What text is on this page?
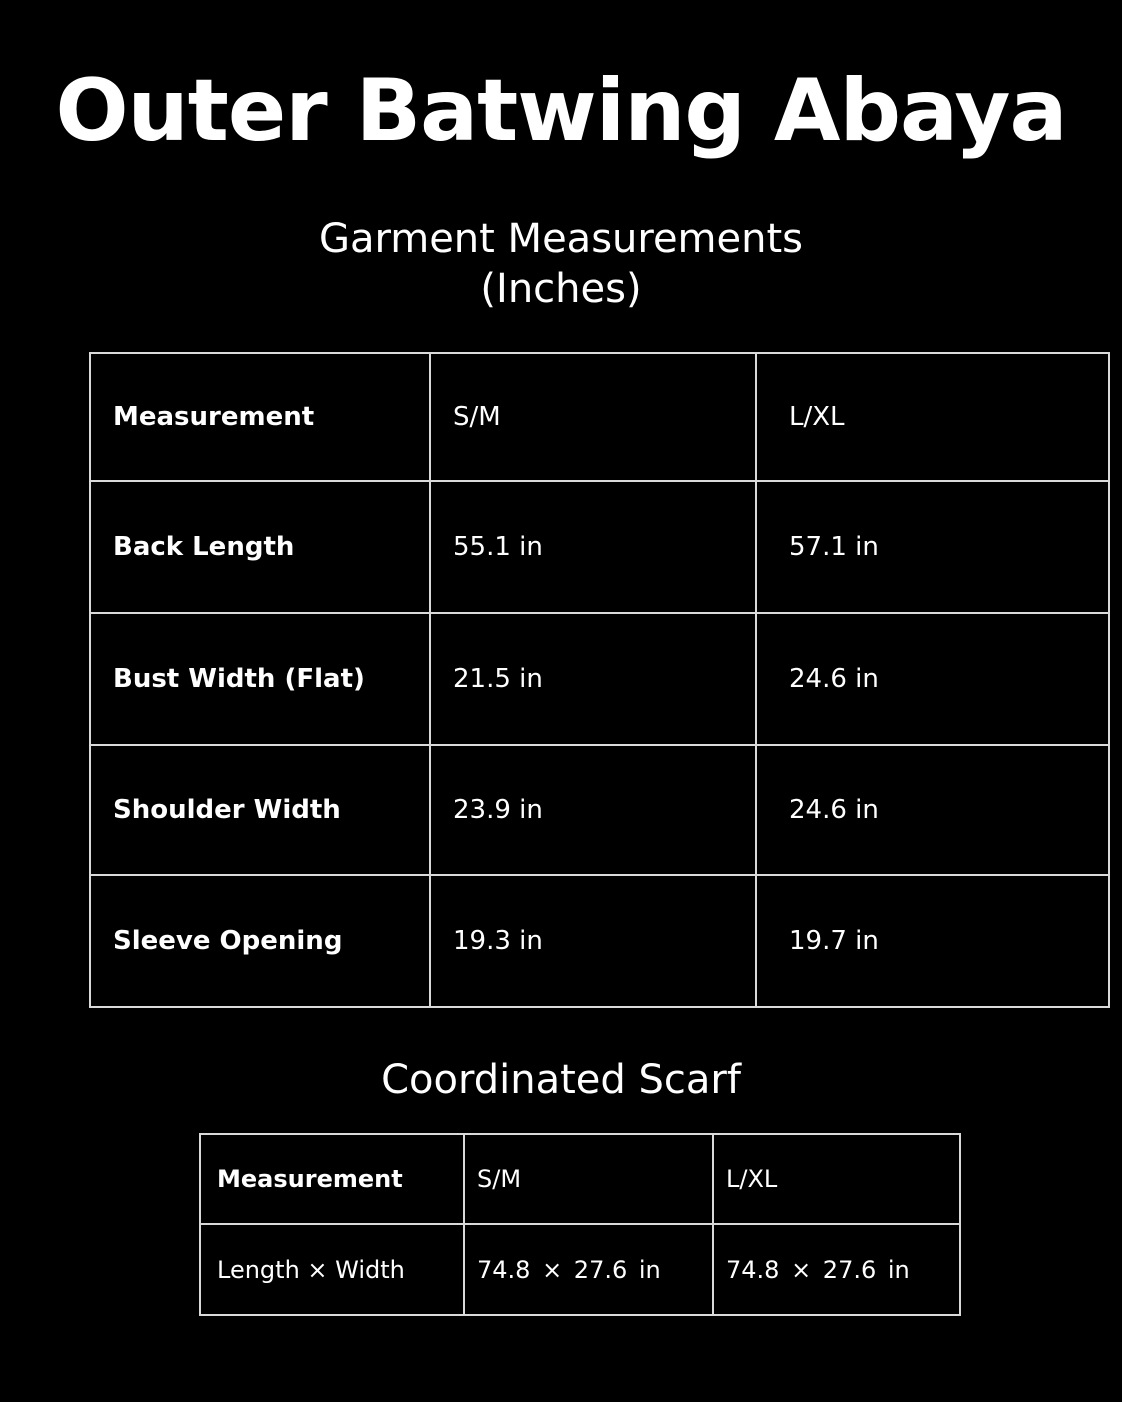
Outer Batwing Abaya
Garment Measurements
(Inches)
Measurement	S/M	L/XL
Back Length	55.1 in	57.1 in
Bust Width (Flat)	21.5 in	24.6 in
Shoulder Width	23.9 in	24.6 in
Sleeve Opening	19.3 in	19.7 in
Coordinated Scarf
Measurement	S/M	L/XL
Length × Width	74.8 × 27.6 in	74.8 × 27.6 in
